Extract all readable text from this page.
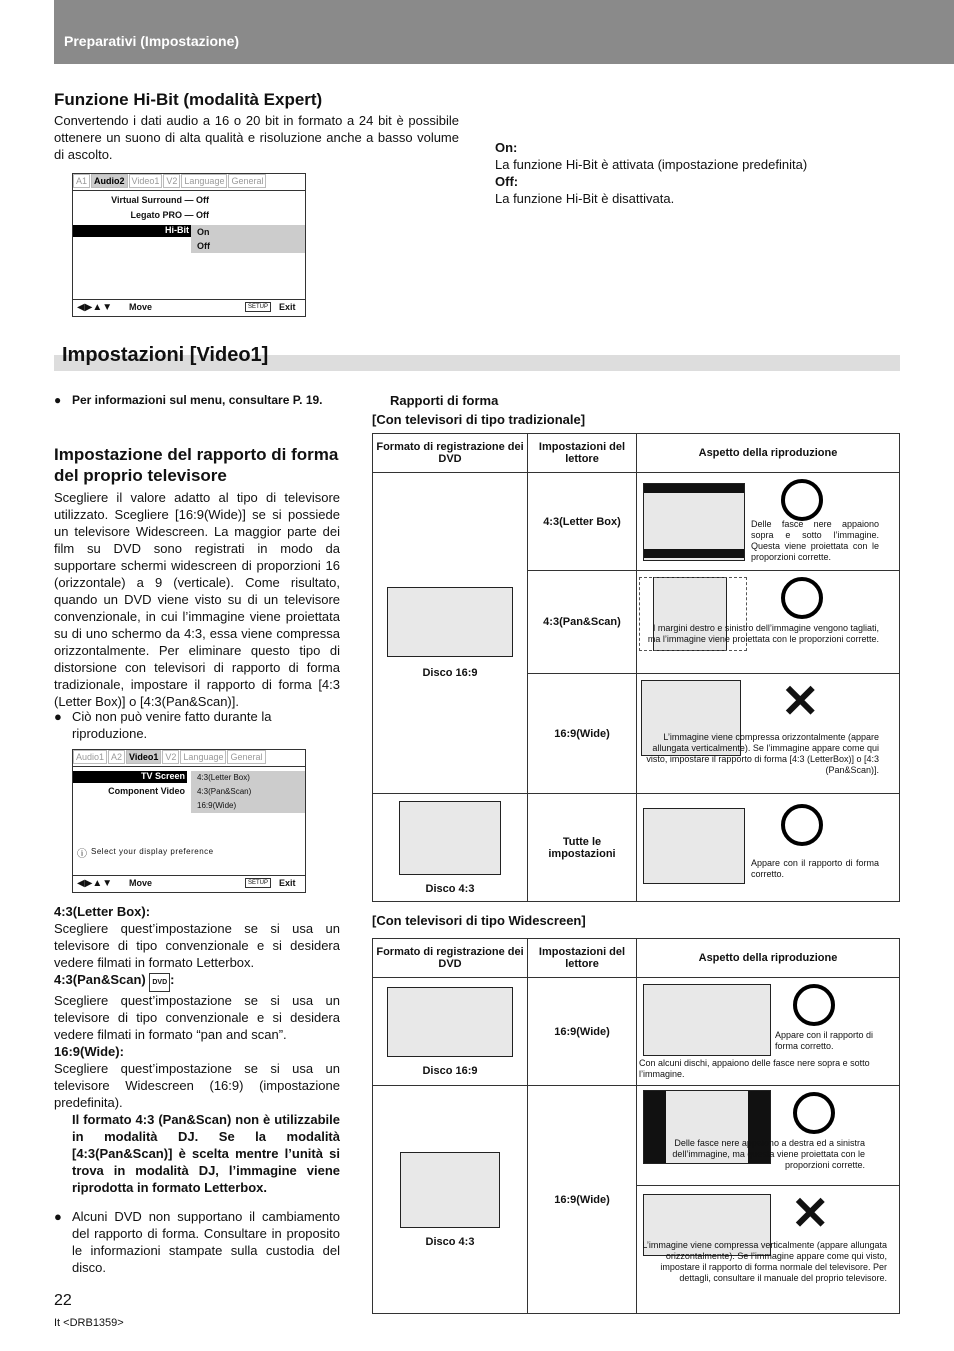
Preparativi (Impostazione)
Funzione Hi-Bit (modalità Expert)

Convertendo i dati audio a 16 o 20 bit in formato a 24 bit è possibile ottenere un suono di alta qualità e risoluzione anche a basso volume di ascolto.	On:
La funzione Hi-Bit è attivata (impostazione predefinita)
Off:
La funzione Hi-Bit è disattivata.
A1 Audio2 Video1 V2 Language General
Virtual Surround — Off
Legato PRO — Off
Hi-Bit On
Off
◀▶▲▼ Move	SETUP	Exit
Impostazioni [Video1]
● Per informazioni sul menu, consultare P. 19.
Impostazione del rapporto di forma del proprio televisore

Scegliere il valore adatto al tipo di televisore utilizzato. Scegliere [16:9(Wide)] se si possiede un televisore Widescreen. La maggior parte dei film su DVD sono registrati in modo da supportare schermi widescreen di proporzioni 16 (orizzontale) a 9 (verticale). Come risultato, quando un DVD viene visto su di un televisore convenzionale, in cui l’immagine viene proiettata su di uno schermo da 4:3, essa viene compressa orizzontalmente. Per eliminare questo tipo di distorsione con televisori di rapporto di forma tradizionale, impostare il rapporto di forma [4:3 (Letter Box)] o [4:3(Pan&Scan)].

● Ciò non può venire fatto durante la riproduzione.
Audio1 A2 Video1 V2 Language General
TV Screen
Component Video
4:3(Letter Box)
4:3(Pan&Scan)
16:9(Wide)
ⓘ Select your display preference
◀▶▲▼ Move	SETUP	Exit
4:3(Letter Box):
Scegliere quest’impostazione se si usa un televisore di tipo convenzionale e si desidera vedere filmati in formato Letterbox.
4:3(Pan&Scan) DVD :
Scegliere quest’impostazione se si usa un televisore di tipo convenzionale e si desidera vedere filmati in formato “pan and scan”.
16:9(Wide):
Scegliere quest’impostazione se si usa un televisore Widescreen (16:9) (impostazione predefinita).
Il formato 4:3 (Pan&Scan) non è utilizzabile in modalità DJ. Se la modalità [4:3(Pan&Scan)] è scelta mentre l’unità si trova in modalità DJ, l’immagine viene riprodotta in formato Letterbox.
● Alcuni DVD non supportano il cambiamento del rapporto di forma. Consultare in proposito le informazioni stampate sulla custodia del disco.
Rapporti di forma
[Con televisori di tipo tradizionale]
Formato di registrazione dei DVD	Impostazioni del lettore	Aspetto della riproduzione

Disco 16:9	4:3(Letter Box)	Delle fasce nere appaiono sopra e sotto l’immagine. Questa viene proiettata con le proporzioni corrette.

	4:3(Pan&Scan)	I margini destro e sinistro dell’immagine vengono tagliati, ma l’immagine viene proiettata con le proporzioni corrette.

	16:9(Wide)	✕
L’immagine viene compressa orizzontalmente (appare allungata verticalmente). Se l’immagine appare come qui visto, impostare il rapporto di forma [4:3 (LetterBox)] o [4:3 (Pan&Scan)].

Disco 4:3	Tutte le impostazioni	Appare con il rapporto di forma corretto.
[Con televisori di tipo Widescreen]
Formato di registrazione dei DVD	Impostazioni del lettore	Aspetto della riproduzione

Disco 16:9	16:9(Wide)	Appare con il rapporto di forma corretto.
Con alcuni dischi, appaiono delle fasce nere sopra e sotto l’immagine.

Disco 4:3	16:9(Wide)	Delle fasce nere appaiono a destra ed a sinistra dell’immagine, ma questa viene proiettata con le proporzioni corrette.

		✕
L’immagine viene compressa verticalmente (appare allungata orizzontalmente). Se l’immagine appare come qui visto, impostare il rapporto di forma normale del televisore. Per dettagli, consultare il manuale del proprio televisore.
22
It <DRB1359>
